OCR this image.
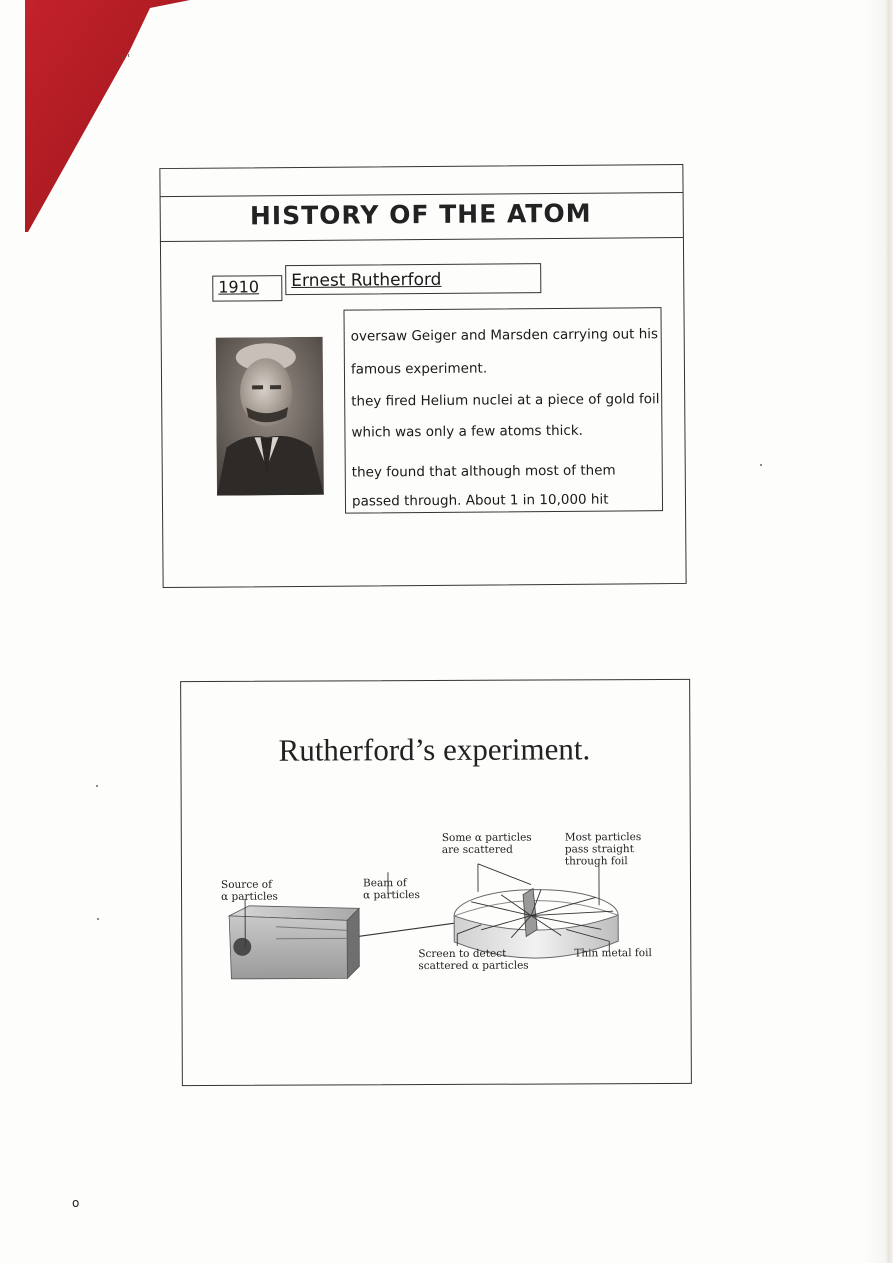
· ' '
o
HISTORY OF THE ATOM
1910 Ernest Rutherford
oversaw Geiger and Marsden carrying out his
famous experiment.
they fired Helium nuclei at a piece of gold foil
which was only a few atoms thick.
they found that although most of them
passed through. About 1 in 10,000 hit
Rutherford’s experiment.
Source of
α particles
Beam of
α particles
Some α particles
are scattered
Most particles
pass straight
through foil
Screen to detect
scattered α particles
Thin metal foil
